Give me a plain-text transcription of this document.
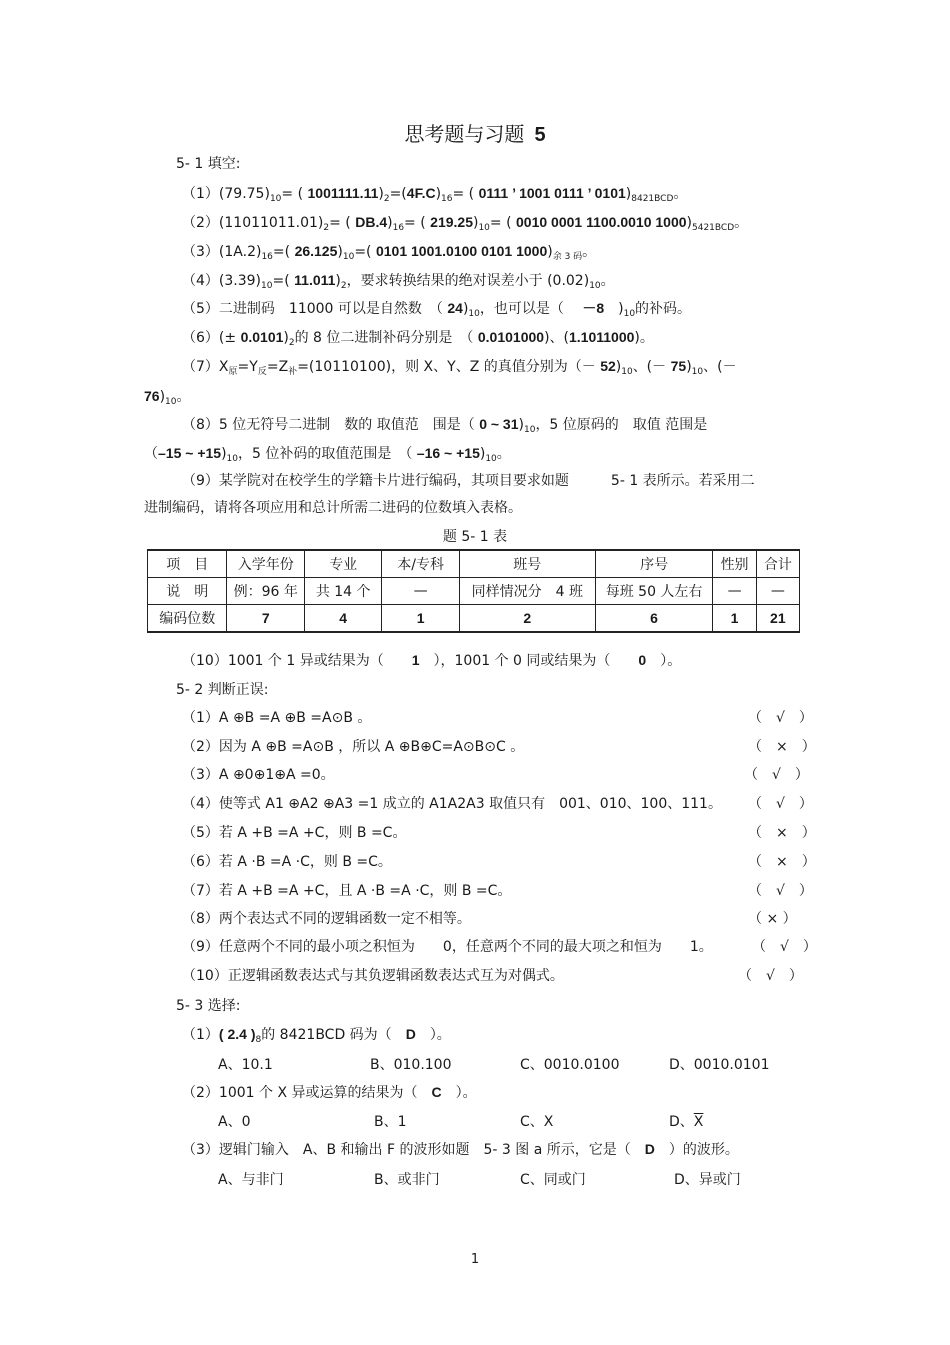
思考题与习题 5
5- 1 填空:
$(1)(79.75)_{10}=$ ( $1001111.11)_2=(4F.C)_{16}=$ ( 0111 ’ 1001 0111 ’ $0101)_{8421BCD}$。
$(2)(11011011.01)_2=$ ( $DB.4)_{16}=$ ( $219.25)_{10}=$ ( 0010 0001 1100.0010 $1000)_{5421BCD}$。
$(3)(1A.2)_{16}=$( $26.125)_{10}=$( 0101 1001.0100 0101 $1000)_{余 3 码}$。
$(4)(3.39)_{10}=$( $11.011)_2$，要求转换结果的绝对误差小于 $(0.02)_{10}$。
（5）二进制码　11000 可以是自然数　（ $24)_{10}$，也可以是（　 －8　)$_{10}$的补码。
$(6)(\pm 0.0101)_2$的 8 位二进制补码分别是　（ 0.0101000)、(1.1011000)。
$(7)X_原=Y_反=Z_补=(10110100)$，则 X、Y、Z 的真值分别为（－ $52)_{10}$、(－ $75)_{10}$、(－
$76)_{10}$。
（8）5 位无符号二进制　数的 取值范　围是（ 0 ~ $31)_{10}$，5 位原码的　取值 范围是
（–15 ~ $+15)_{10}$，5 位补码的取值范围是　（ –16 ~ $+15)_{10}$。
（9）某学院对在校学生的学籍卡片进行编码，其项目要求如题　　　5- 1 表所示。若采用二
进制编码，请将各项应用和总计所需二进码的位数填入表格。
题 5- 1 表
项　目	入学年份	专业	本/专科	班号	序号	性别	合计
说　明	例：96 年	共 14 个	—	同样情况分　4 班	每班 50 人左右	—	—
编码位数	7	4	1	2	6	1	21
（10）1001 个 1 异或结果为（　　1　），1001 个 0 同或结果为（　　0　）。
5- 2 判断正误:
（1）A ⊕B =A ⊕B =A⊙B 。	（　√　）
（2）因为 A ⊕B =A⊙B ，所以 A ⊕B⊕C=A⊙B⊙C 。	（　×　）
（3）A ⊕0⊕1⊕A =0。	（　√　）
（4）使等式 A1 ⊕A2 ⊕A3 =1 成立的 A1A2A3 取值只有　001、010、100、111。 （　√　）
（5）若 A +B =A +C，则 B =C。	（　×　）
（6）若 A ·B =A ·C，则 B =C。	（　×　）
（7）若 A +B =A +C，且 A ·B =A ·C，则 B =C。	（　√　）
（8）两个表达式不同的逻辑函数一定不相等。	（ × ）
（9）任意两个不同的最小项之积恒为　　0，任意两个不同的最大项之和恒为　　1。	（　√　）
（10）正逻辑函数表达式与其负逻辑函数表达式互为对偶式。	（　√　）
5- 3 选择:
（1）( 2.4 )$_8$的 8421BCD 码为（　 D　 ）。
A、10.1	B、010.100	C、0010.0100	D、0010.0101
（2）1001 个 X 异或运算的结果为（　 C　 ）。
A、0	B、1	C、X	D、$\overline{X}$
（3）逻辑门输入　A、B 和输出 F 的波形如题　5- 3 图 a 所示，它是（　 D　 ）的波形。
A、与非门	B、或非门	C、同或门	D、异或门
1
